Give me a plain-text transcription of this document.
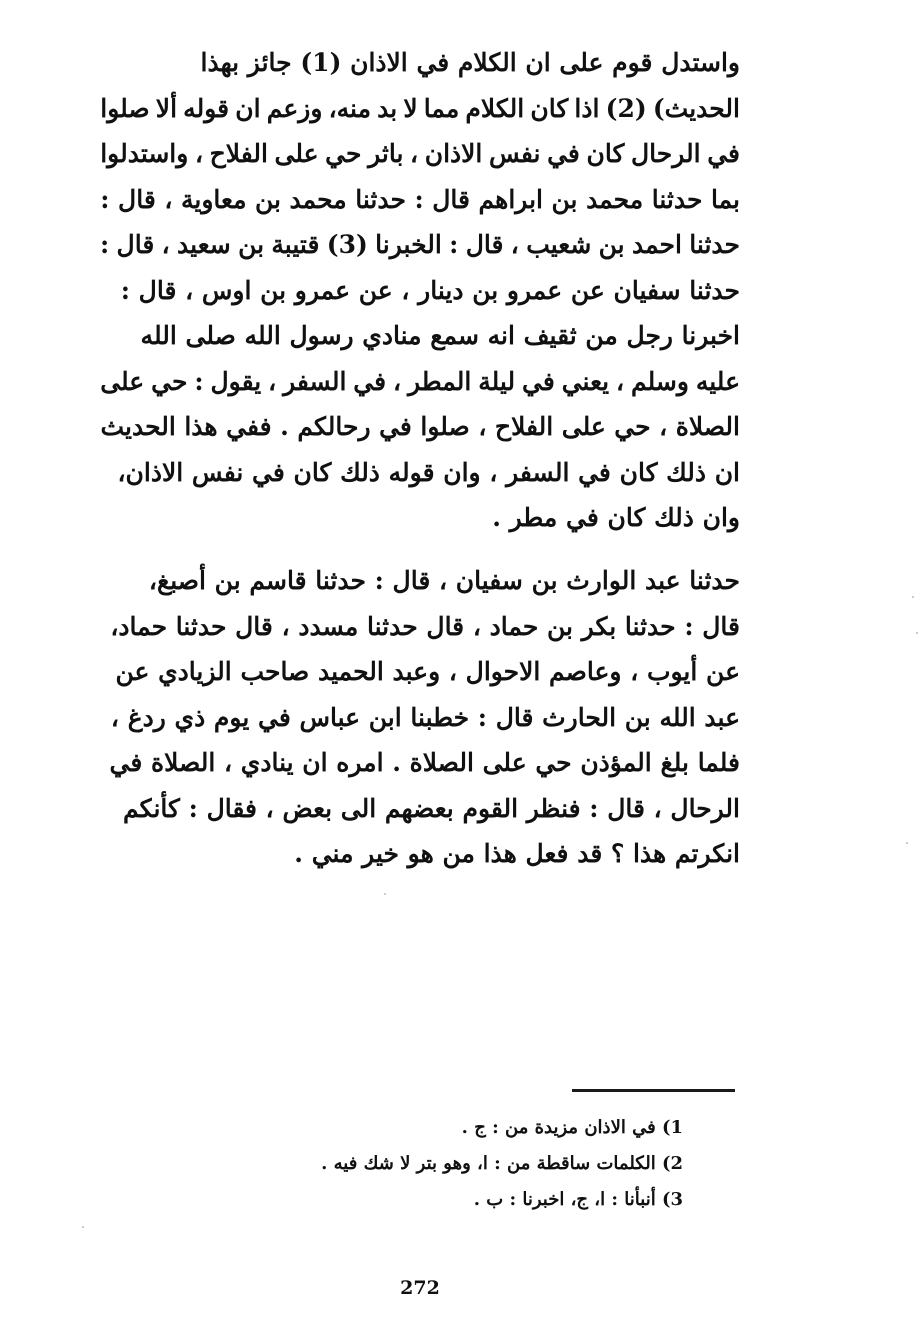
واستدل قوم على ان الكلام في الاذان (1) جائز بهذا
الحديث) (2) اذا كان الكلام مما لا بد منه، وزعم ان قوله ألا صلوا
في الرحال كان في نفس الاذان ، باثر حي على الفلاح ، واستدلوا
بما حدثنا محمد بن ابراهم قال : حدثنا محمد بن معاوية ، قال :
حدثنا احمد بن شعيب ، قال : الخبرنا (3) قتيبة بن سعيد ، قال :
حدثنا سفيان عن عمرو بن دينار ، عن عمرو بن اوس ، قال :
اخبرنا رجل من ثقيف انه سمع منادي رسول الله صلى الله
عليه وسلم ، يعني في ليلة المطر ، في السفر ، يقول : حي على
الصلاة ، حي على الفلاح ، صلوا في رحالكم . ففي هذا الحديث
ان ذلك كان في السفر ، وان قوله ذلك كان في نفس الاذان،
وان ذلك كان في مطر .
حدثنا عبد الوارث بن سفيان ، قال : حدثنا قاسم بن أصبغ،
قال : حدثنا بكر بن حماد ، قال حدثنا مسدد ، قال حدثنا حماد،
عن أيوب ، وعاصم الاحوال ، وعبد الحميد صاحب الزيادي عن
عبد الله بن الحارث قال : خطبنا ابن عباس في يوم ذي ردغ ،
فلما بلغ المؤذن حي على الصلاة . امره ان ينادي ، الصلاة في
الرحال ، قال : فنظر القوم بعضهم الى بعض ، فقال : كأنكم
انكرتم هذا ؟ قد فعل هذا من هو خير مني .
1) في الاذان مزيدة من : ج .
2) الكلمات ساقطة من : ا، وهو بتر لا شك فيه .
3) أنبأنا : ا، ج، اخبرنا : ب .
272
